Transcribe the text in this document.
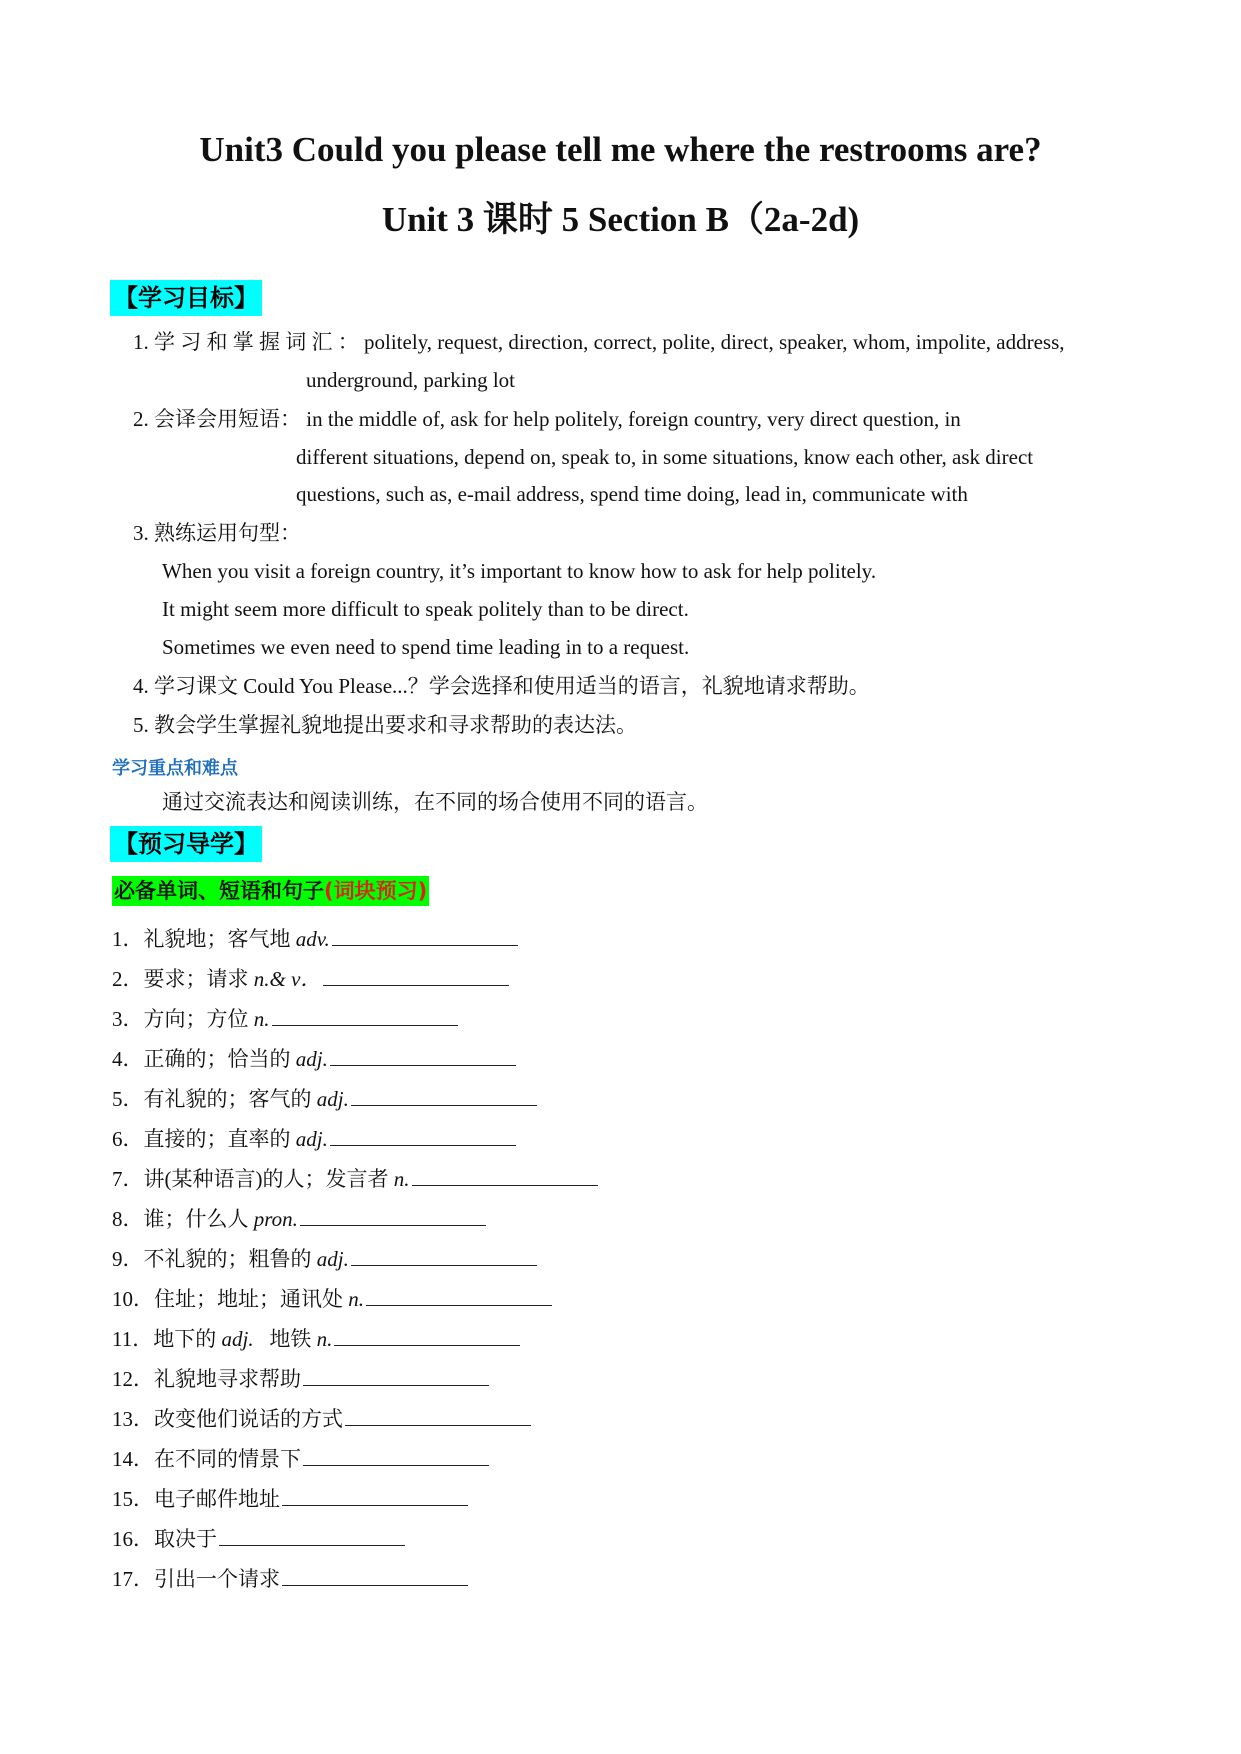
Unit3 Could you please tell me where the restrooms are?
Unit 3 课时 5 Section B（2a-2d)
【学习目标】
1. 学 习 和 掌 握 词 汇 ： politely, request, direction, correct, polite, direct, speaker, whom, impolite, address,
underground, parking lot
2. 会译会用短语： in the middle of, ask for help politely, foreign country, very direct question, in
different situations, depend on, speak to, in some situations, know each other, ask direct
questions, such as, e-mail address, spend time doing, lead in, communicate with
3. 熟练运用句型：
When you visit a foreign country, it’s important to know how to ask for help politely.
It might seem more difficult to speak politely than to be direct.
Sometimes we even need to spend time leading in to a request.
4. 学习课文 Could You Please...？学会选择和使用适当的语言，礼貌地请求帮助。
5. 教会学生掌握礼貌地提出要求和寻求帮助的表达法。
学习重点和难点
通过交流表达和阅读训练，在不同的场合使用不同的语言。
【预习导学】
必备单词、短语和句子(词块预习)
1．礼貌地；客气地 adv.
2．要求；请求 n.& v．
3．方向；方位 n.
4．正确的；恰当的 adj.
5．有礼貌的；客气的 adj.
6．直接的；直率的 adj.
7．讲(某种语言)的人；发言者 n.
8．谁；什么人 pron.
9．不礼貌的；粗鲁的 adj.
10．住址；地址；通讯处 n.
11．地下的 adj.   地铁 n.
12．礼貌地寻求帮助
13．改变他们说话的方式
14．在不同的情景下
15．电子邮件地址
16．取决于
17．引出一个请求
